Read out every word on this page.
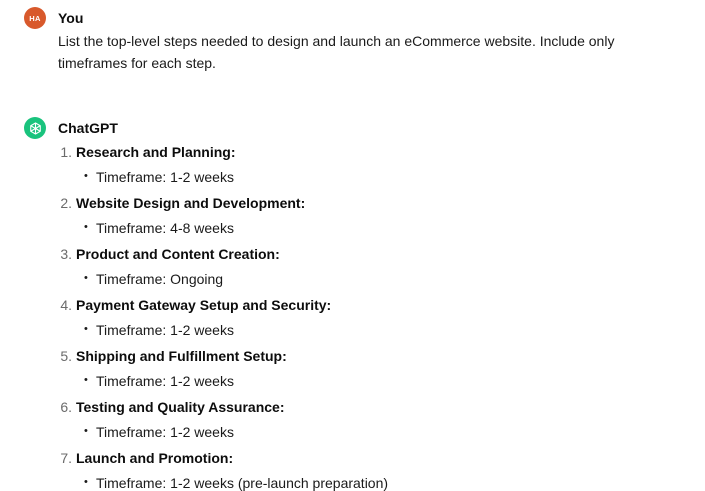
HA You
List the top-level steps needed to design and launch an eCommerce website. Include only timeframes for each step.
ChatGPT
1. Research and Planning:
• Timeframe: 1-2 weeks
2. Website Design and Development:
• Timeframe: 4-8 weeks
3. Product and Content Creation:
• Timeframe: Ongoing
4. Payment Gateway Setup and Security:
• Timeframe: 1-2 weeks
5. Shipping and Fulfillment Setup:
• Timeframe: 1-2 weeks
6. Testing and Quality Assurance:
• Timeframe: 1-2 weeks
7. Launch and Promotion:
• Timeframe: 1-2 weeks (pre-launch preparation)
